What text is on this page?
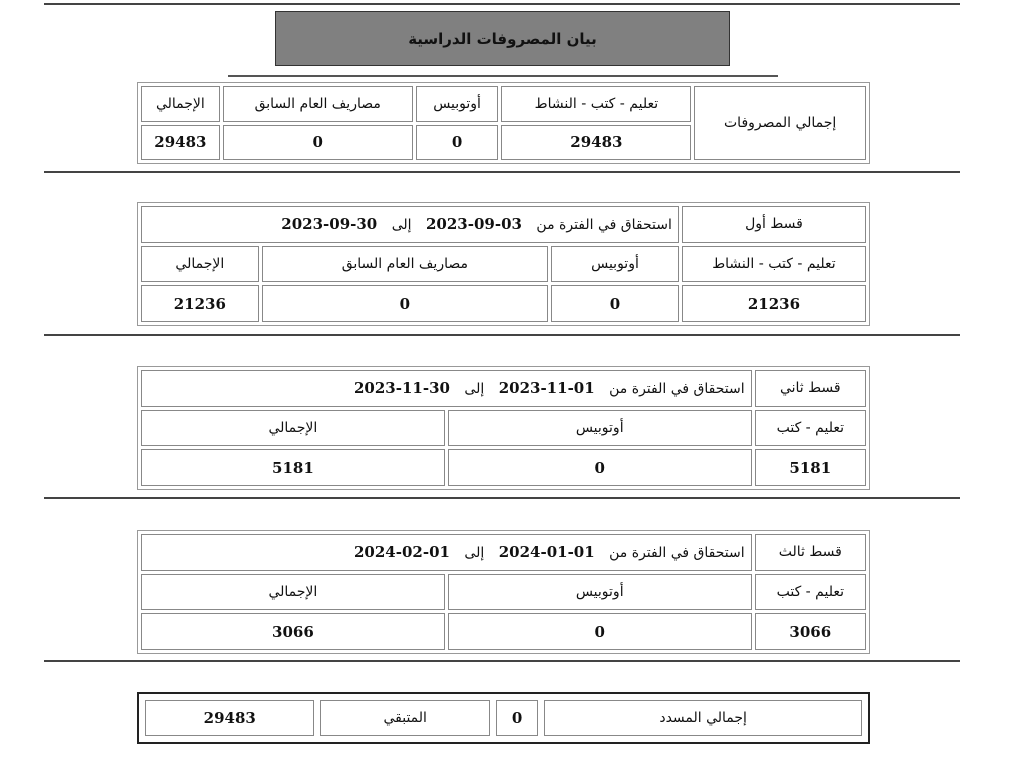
بيان المصروفات الدراسية
إجمالي المصروفات	تعليم - كتب - النشاط	أوتوبيس	مصاريف العام السابق	الإجمالي
	29483	0	0	29483
قسط أول	استحقاق في الفترة من 03-09-2023 إلى 30-09-2023		
تعليم - كتب - النشاط	أوتوبيس	مصاريف العام السابق	الإجمالي
21236	0	0	21236
قسط ثاني	استحقاق في الفترة من 01-11-2023 إلى 30-11-2023	
تعليم - كتب	أوتوبيس	الإجمالي
5181	0	5181
قسط ثالث	استحقاق في الفترة من 01-01-2024 إلى 01-02-2024	
تعليم - كتب	أوتوبيس	الإجمالي
3066	0	3066
إجمالي المسدد	0	المتبقي	29483
